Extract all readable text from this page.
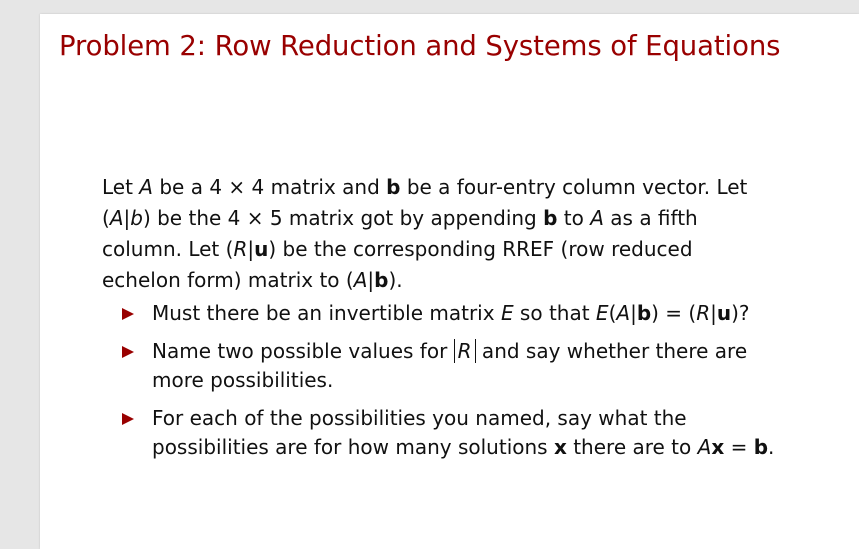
Problem 2: Row Reduction and Systems of Equations
Let A be a 4 × 4 matrix and b be a four-entry column vector. Let
(A|b) be the 4 × 5 matrix got by appending b to A as a fifth
column. Let (R|u) be the corresponding RREF (row reduced
echelon form) matrix to (A|b).
Must there be an invertible matrix E so that E(A|b) = (R|u)?
Name two possible values for R and say whether there are
more possibilities.
For each of the possibilities you named, say what the
possibilities are for how many solutions x there are to Ax = b.
